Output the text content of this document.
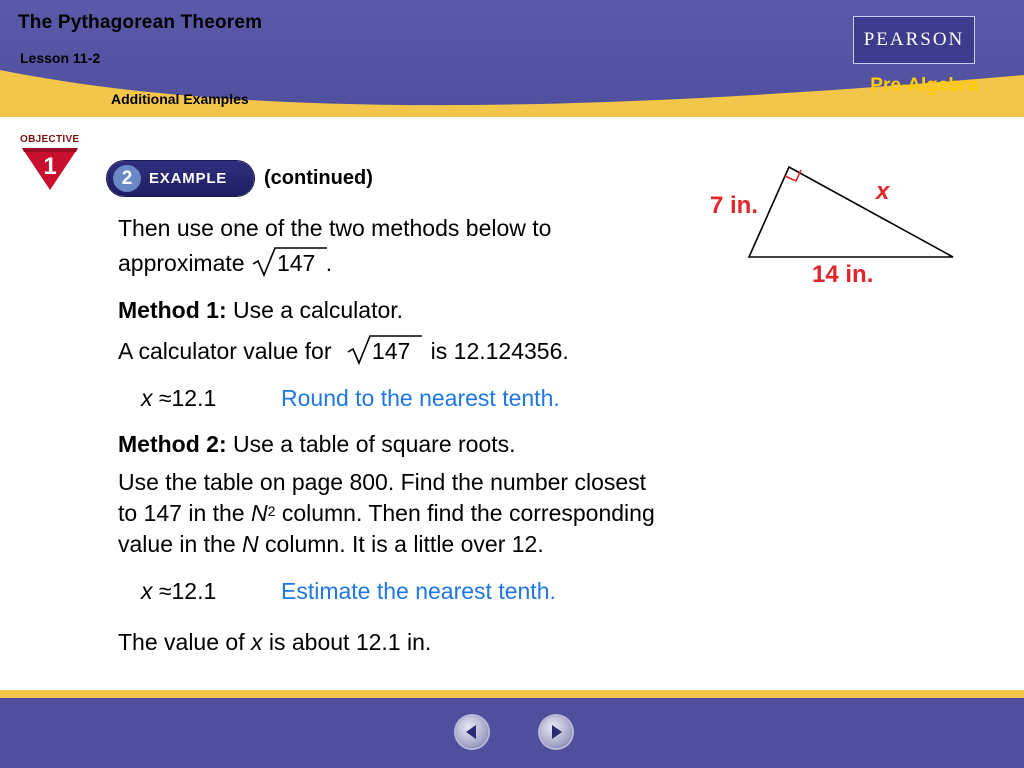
The Pythagorean Theorem
Lesson 11-2
Additional Examples
PEARSON
Pre-Algebra
OBJECTIVE
1	2	EXAMPLE (continued)
Then use one of the two methods below to
approximate 147 .
Method 1: Use a calculator.
A calculator value for 147 is 12.124356.
x ≈12.1	Round to the nearest tenth.
Method 2: Use a table of square roots.
Use the table on page 800. Find the number closest
to 147 in the $N^2$ column. Then find the corresponding
value in the N column. It is a little over 12.
x ≈12.1	Estimate the nearest tenth.
The value of x is about 12.1 in.
7 in.
14 in.
x
